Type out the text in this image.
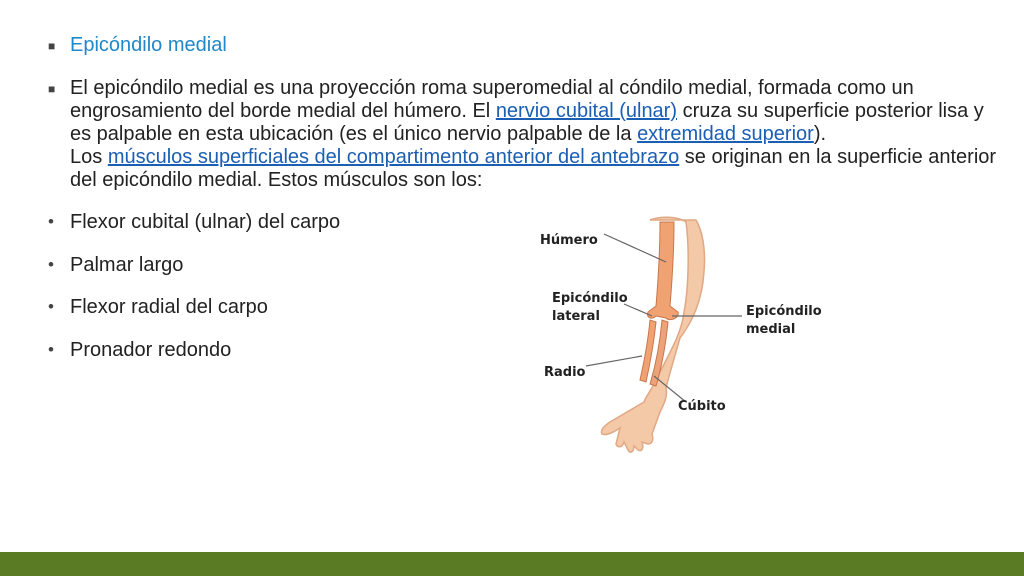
■ Epicóndilo medial
■ El epicóndilo medial es una proyección roma superomedial al cóndilo medial, formada como un engrosamiento del borde medial del húmero. El nervio cubital (ulnar) cruza su superficie posterior lisa y es palpable en esta ubicación (es el único nervio palpable de la extremidad superior).
Los músculos superficiales del compartimento anterior del antebrazo se originan en la superficie anterior del epicóndilo medial. Estos músculos son los:
• Flexor cubital (ulnar) del carpo
• Palmar largo
• Flexor radial del carpo
• Pronador redondo
Húmero
Epicóndilo
lateral	Epicóndilo
medial
Radio
Cúbito
